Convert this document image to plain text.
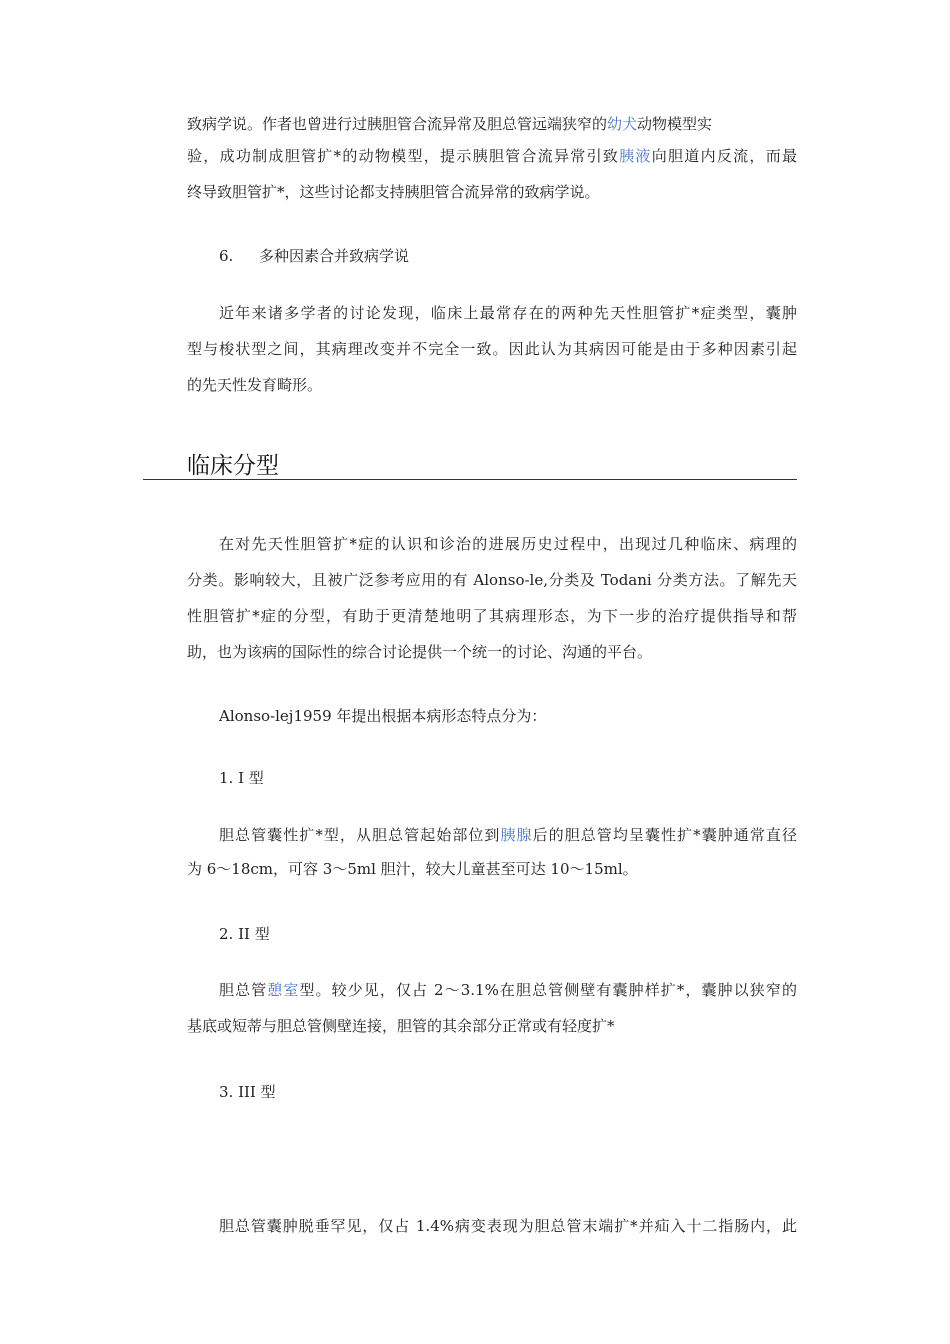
致病学说。作者也曾进行过胰胆管合流异常及胆总管远端狭窄的幼犬动物模型实

验，成功制成胆管扩*的动物模型，提示胰胆管合流异常引致胰液向胆道内反流，而最

终导致胆管扩*，这些讨论都支持胰胆管合流异常的致病学说。

6. 多种因素合并致病学说

近年来诸多学者的讨论发现，临床上最常存在的两种先天性胆管扩*症类型，囊肿

型与梭状型之间，其病理改变并不完全一致。因此认为其病因可能是由于多种因素引起

的先天性发育畸形。

临床分型

在对先天性胆管扩*症的认识和诊治的进展历史过程中，出现过几种临床、病理的

分类。影响较大，且被广泛参考应用的有 Alonso-le,分类及 Todani 分类方法。了解先天

性胆管扩*症的分型，有助于更清楚地明了其病理形态，为下一步的治疗提供指导和帮

助，也为该病的国际性的综合讨论提供一个统一的讨论、沟通的平台。

Alonso-lej1959 年提出根据本病形态特点分为：

1. I 型

胆总管囊性扩*型，从胆总管起始部位到胰腺后的胆总管均呈囊性扩*囊肿通常直径

为 6〜18cm，可容 3〜5ml 胆汁，较大儿童甚至可达 10〜15ml。

2. II 型

胆总管憩室型。较少见，仅占 2〜3.1%在胆总管侧壁有囊肿样扩*，囊肿以狭窄的

基底或短蒂与胆总管侧壁连接，胆管的其余部分正常或有轻度扩*

3. III 型

胆总管囊肿脱垂罕见，仅占 1.4%病变表现为胆总管末端扩*并疝入十二指肠内，此
